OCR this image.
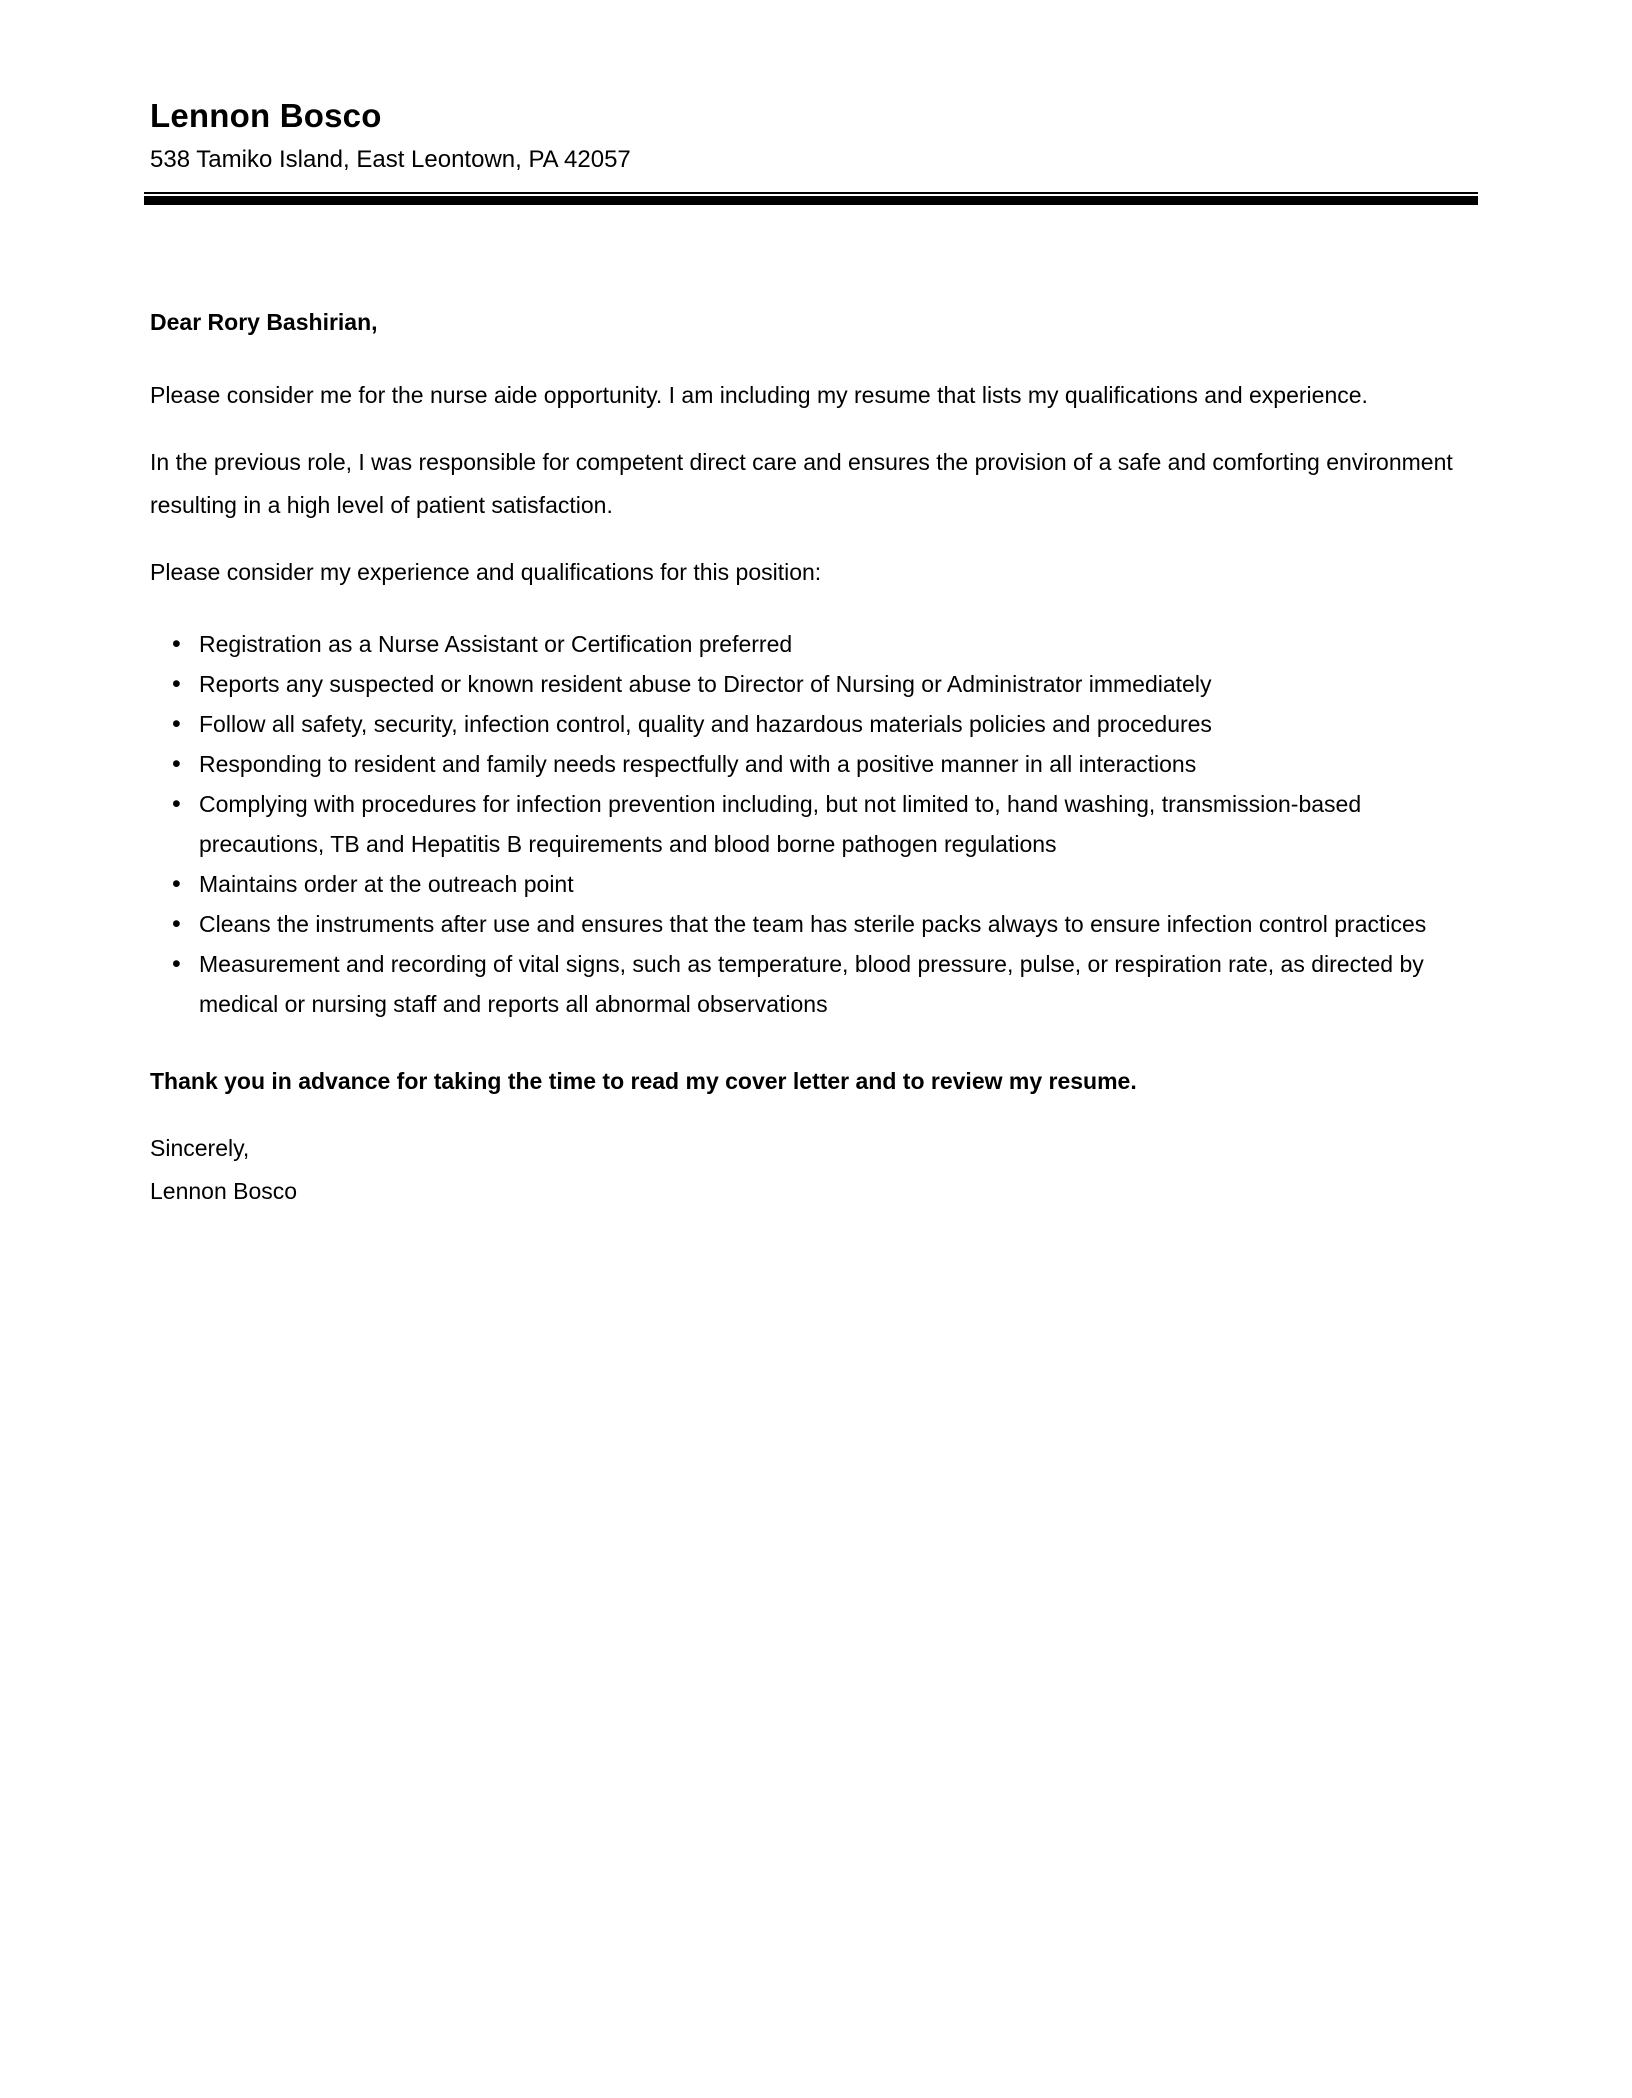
Lennon Bosco
538 Tamiko Island, East Leontown, PA 42057

Dear Rory Bashirian,

Please consider me for the nurse aide opportunity. I am including my resume that lists my qualifications and experience.

In the previous role, I was responsible for competent direct care and ensures the provision of a safe and comforting environment resulting in a high level of patient satisfaction.

Please consider my experience and qualifications for this position:

• Registration as a Nurse Assistant or Certification preferred
• Reports any suspected or known resident abuse to Director of Nursing or Administrator immediately
• Follow all safety, security, infection control, quality and hazardous materials policies and procedures
• Responding to resident and family needs respectfully and with a positive manner in all interactions
• Complying with procedures for infection prevention including, but not limited to, hand washing, transmission-based precautions, TB and Hepatitis B requirements and blood borne pathogen regulations
• Maintains order at the outreach point
• Cleans the instruments after use and ensures that the team has sterile packs always to ensure infection control practices
• Measurement and recording of vital signs, such as temperature, blood pressure, pulse, or respiration rate, as directed by medical or nursing staff and reports all abnormal observations

Thank you in advance for taking the time to read my cover letter and to review my resume.

Sincerely,

Lennon Bosco
